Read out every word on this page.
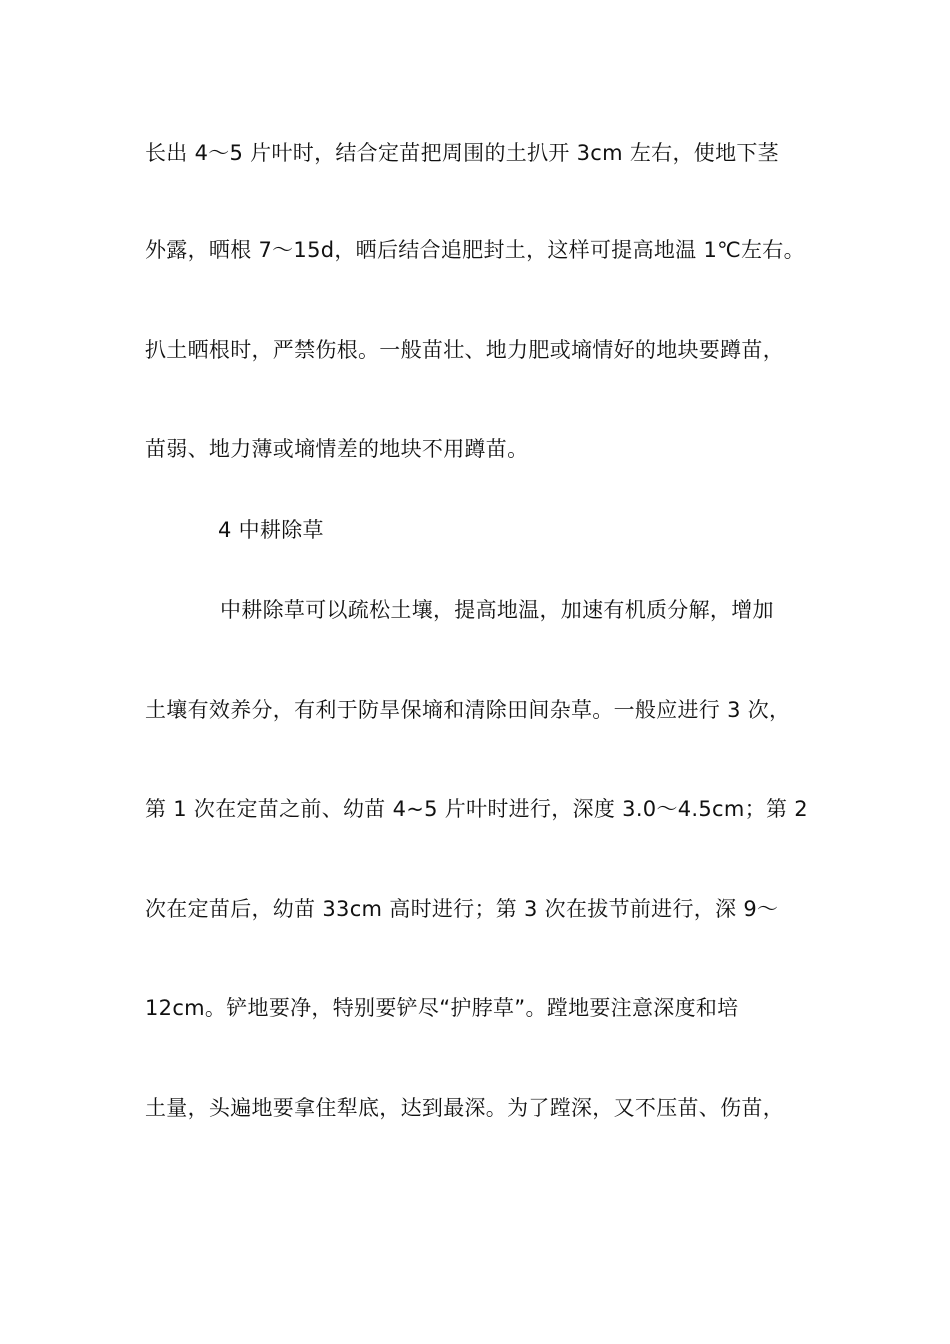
长出 4～5 片叶时，结合定苗把周围的土扒开 3cm 左右，使地下茎
外露，晒根 7～15d，晒后结合追肥封土，这样可提高地温 1℃左右。
扒土晒根时，严禁伤根。一般苗壮、地力肥或墒情好的地块要蹲苗，
苗弱、地力薄或墒情差的地块不用蹲苗。
4 中耕除草
中耕除草可以疏松土壤，提高地温，加速有机质分解，增加
土壤有效养分，有利于防旱保墒和清除田间杂草。一般应进行 3 次，
第 1 次在定苗之前、幼苗 4~5 片叶时进行，深度 3.0～4.5cm；第 2
次在定苗后，幼苗 33cm 高时进行；第 3 次在拔节前进行，深 9～
12cm。铲地要净，特别要铲尽“护脖草”。蹚地要注意深度和培
土量，头遍地要拿住犁底，达到最深。为了蹚深，又不压苗、伤苗，
